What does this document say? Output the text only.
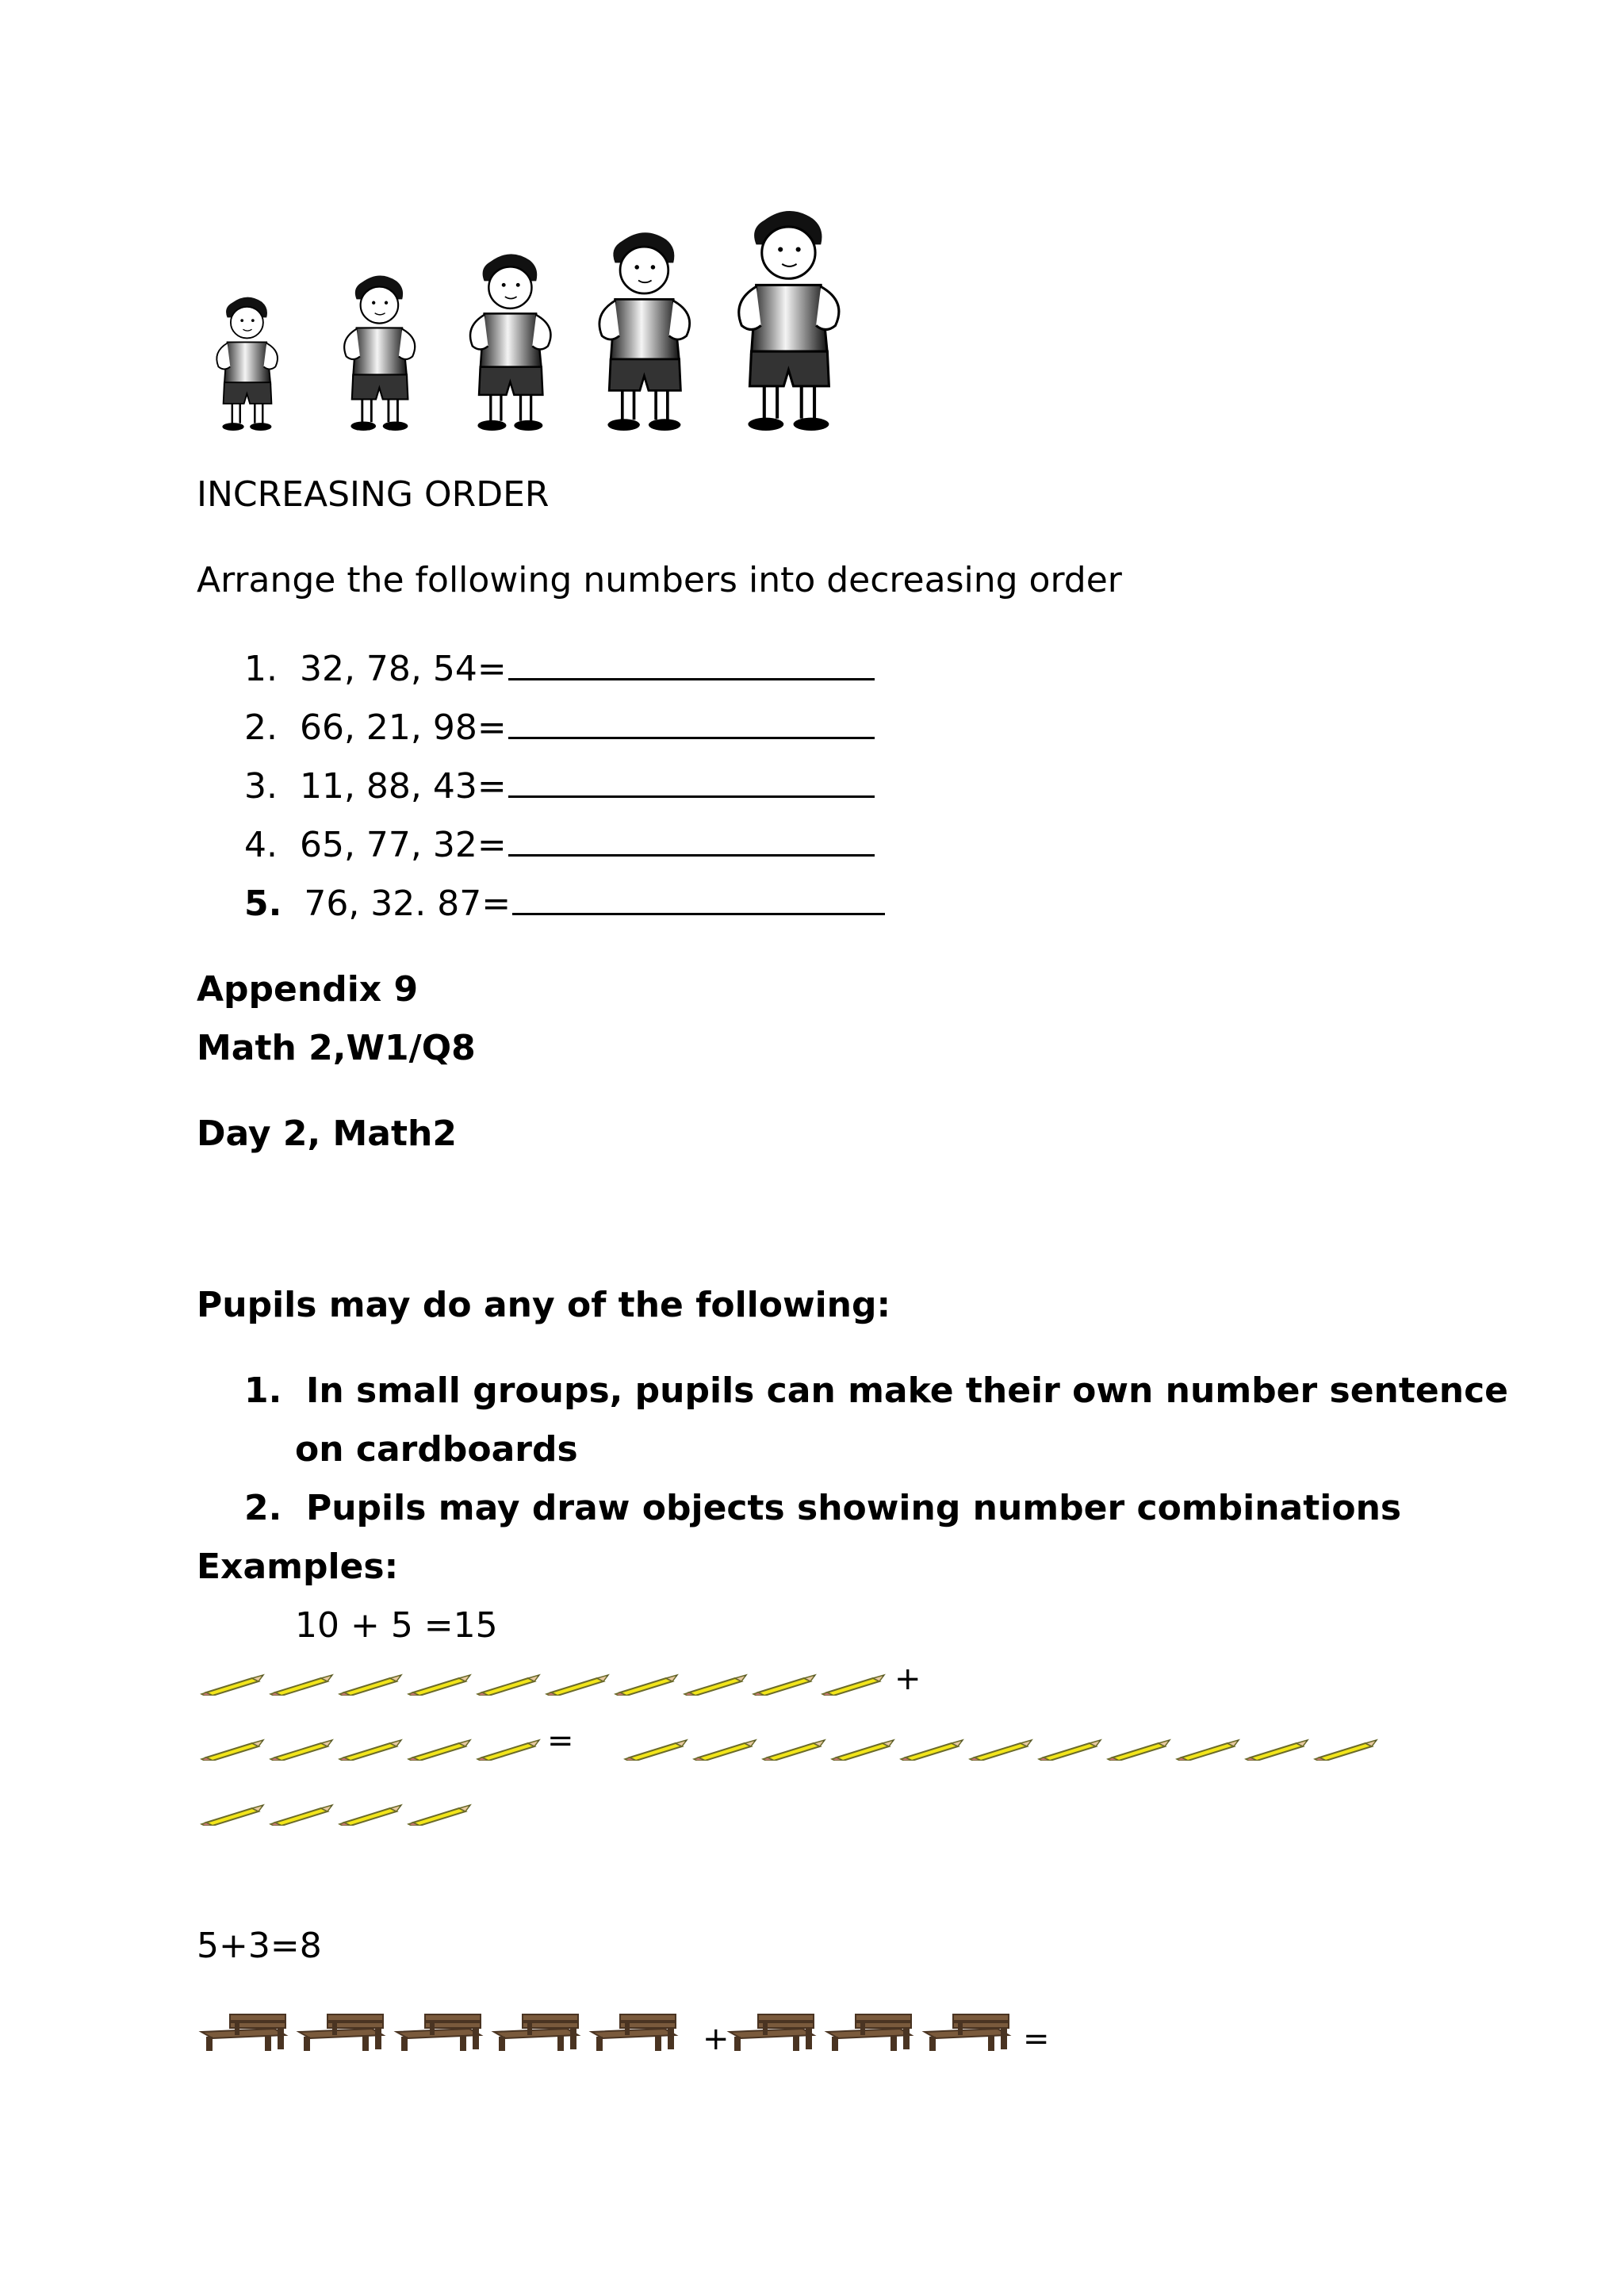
INCREASING ORDER
Arrange the following numbers into decreasing order
1. 32, 78, 54=
2. 66, 21, 98=
3. 11, 88, 43=
4. 65, 77, 32=
5. 76, 32. 87=
Appendix 9
Math 2,W1/Q8
Day 2, Math2
Pupils may do any of the following:
1. In small groups, pupils can make their own number sentence
on cardboards
2. Pupils may draw objects showing number combinations
Examples:
10 + 5 =15
+
=
5+3=8
+	=
